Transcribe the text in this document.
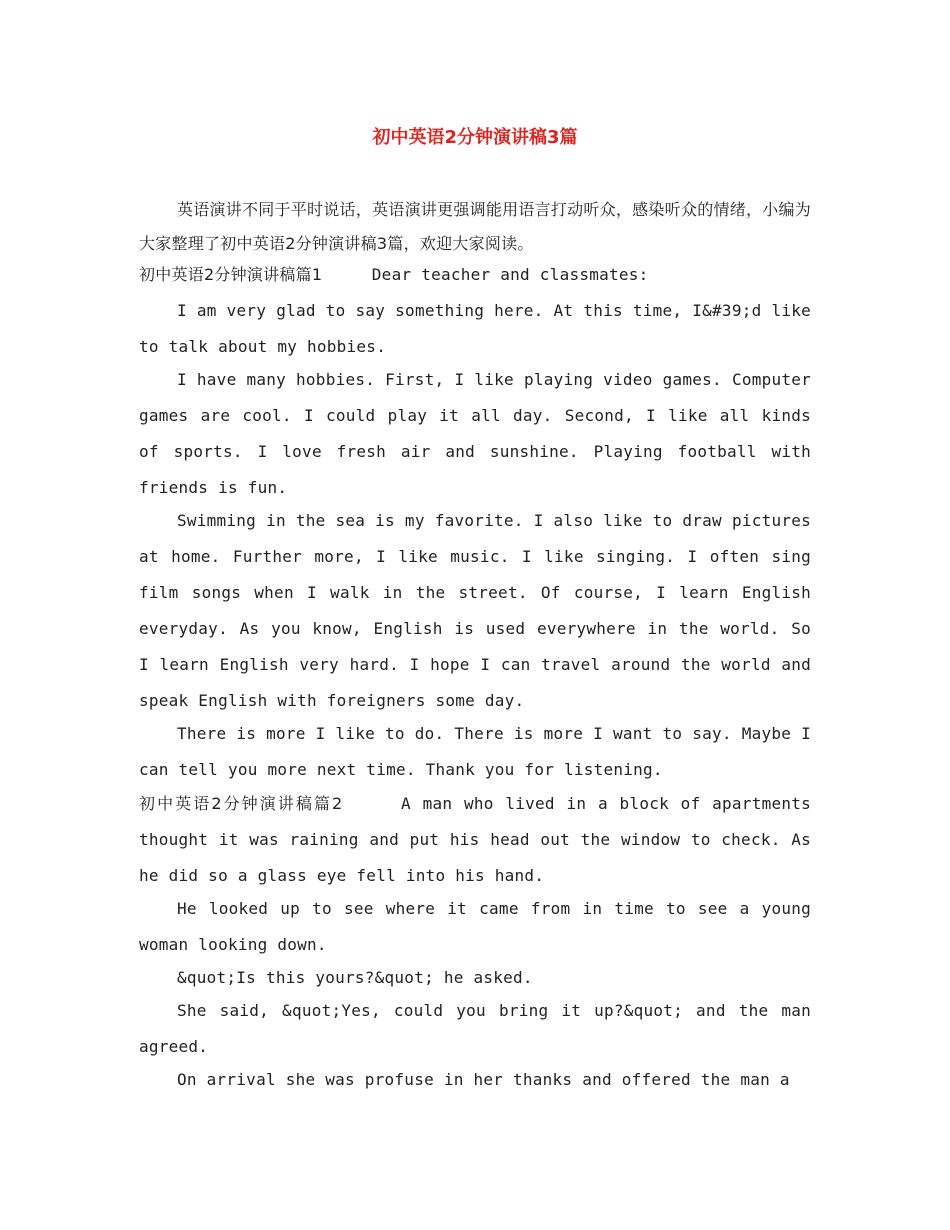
初中英语2分钟演讲稿3篇

英语演讲不同于平时说话，英语演讲更强调能用语言打动听众，感染听众的情绪，小编为大家整理了初中英语2分钟演讲稿3篇，欢迎大家阅读。

初中英语2分钟演讲稿篇1	Dear teacher and classmates:

I am very glad to say something here. At this time, I&#39;d like to talk about my hobbies.

I have many hobbies. First, I like playing video games. Computer games are cool. I could play it all day. Second, I like all kinds of sports. I love fresh air and sunshine. Playing football with friends is fun.

Swimming in the sea is my favorite. I also like to draw pictures at home. Further more, I like music. I like singing. I often sing film songs when I walk in the street. Of course, I learn English everyday. As you know, English is used everywhere in the world. So I learn English very hard. I hope I can travel around the world and speak English with foreigners some day.

There is more I like to do. There is more I want to say. Maybe I can tell you more next time. Thank you for listening.

初中英语2分钟演讲稿篇2	A man who lived in a block of apartments thought it was raining and put his head out the window to check. As he did so a glass eye fell into his hand.

He looked up to see where it came from in time to see a young woman looking down.

&quot;Is this yours?&quot; he asked.

She said, &quot;Yes, could you bring it up?&quot; and the man agreed.

On arrival she was profuse in her thanks and offered the man a
